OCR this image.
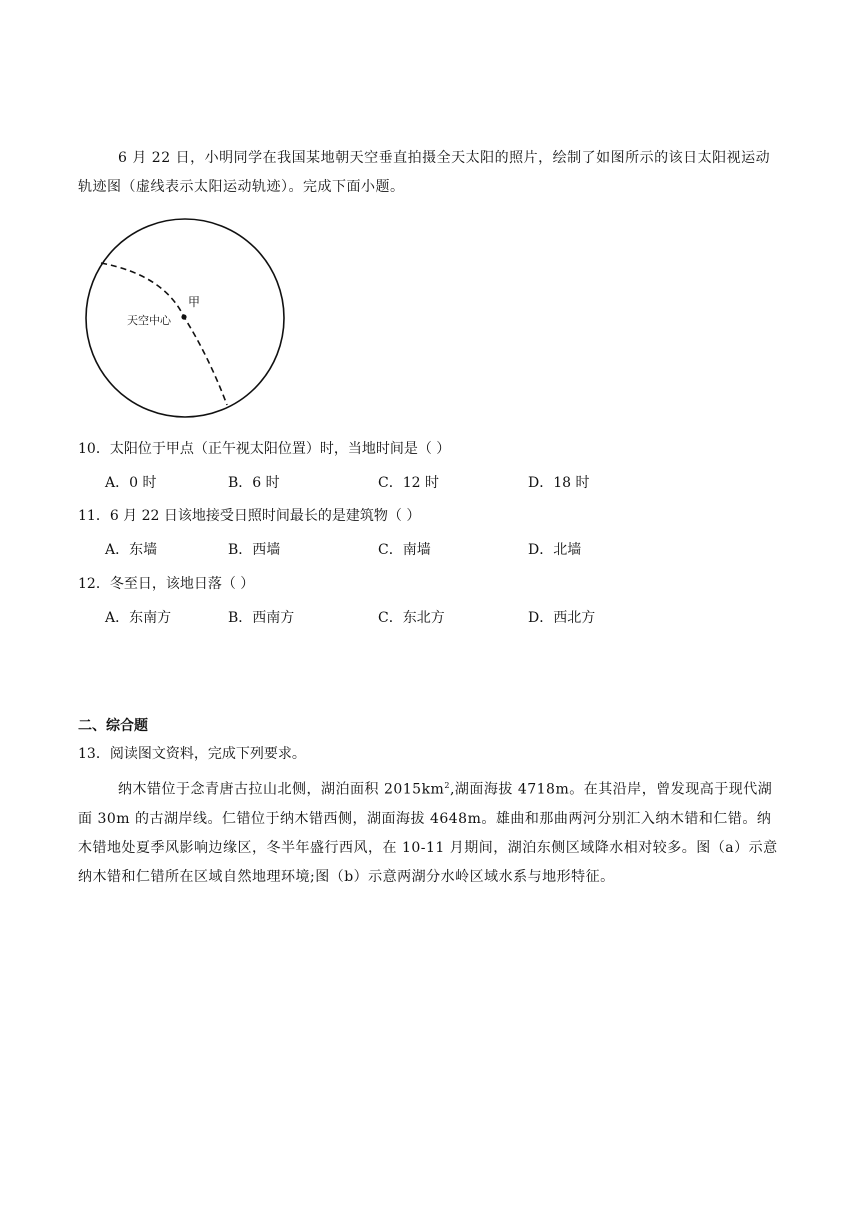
6 月 22 日，小明同学在我国某地朝天空垂直拍摄全天太阳的照片，绘制了如图所示的该日太阳视运动轨迹图（虚线表示太阳运动轨迹）。完成下面小题。
甲
天空中心
10．太阳位于甲点（正午视太阳位置）时，当地时间是（ ）
A．0 时	B．6 时	C．12 时	D．18 时
11．6 月 22 日该地接受日照时间最长的是建筑物（ ）
A．东墙	B．西墙	C．南墙	D．北墙
12．冬至日，该地日落（ ）
A．东南方	B．西南方	C．东北方	D．西北方
二、综合题
13．阅读图文资料，完成下列要求。
纳木错位于念青唐古拉山北侧，湖泊面积 $2015km^2$,湖面海拔 4718m。在其沿岸，曾发现高于现代湖面 30m 的古湖岸线。仁错位于纳木错西侧，湖面海拔 4648m。雄曲和那曲两河分别汇入纳木错和仁错。纳木错地处夏季风影响边缘区，冬半年盛行西风，在 10-11 月期间，湖泊东侧区域降水相对较多。图（a）示意纳木错和仁错所在区域自然地理环境;图（b）示意两湖分水岭区域水系与地形特征。
